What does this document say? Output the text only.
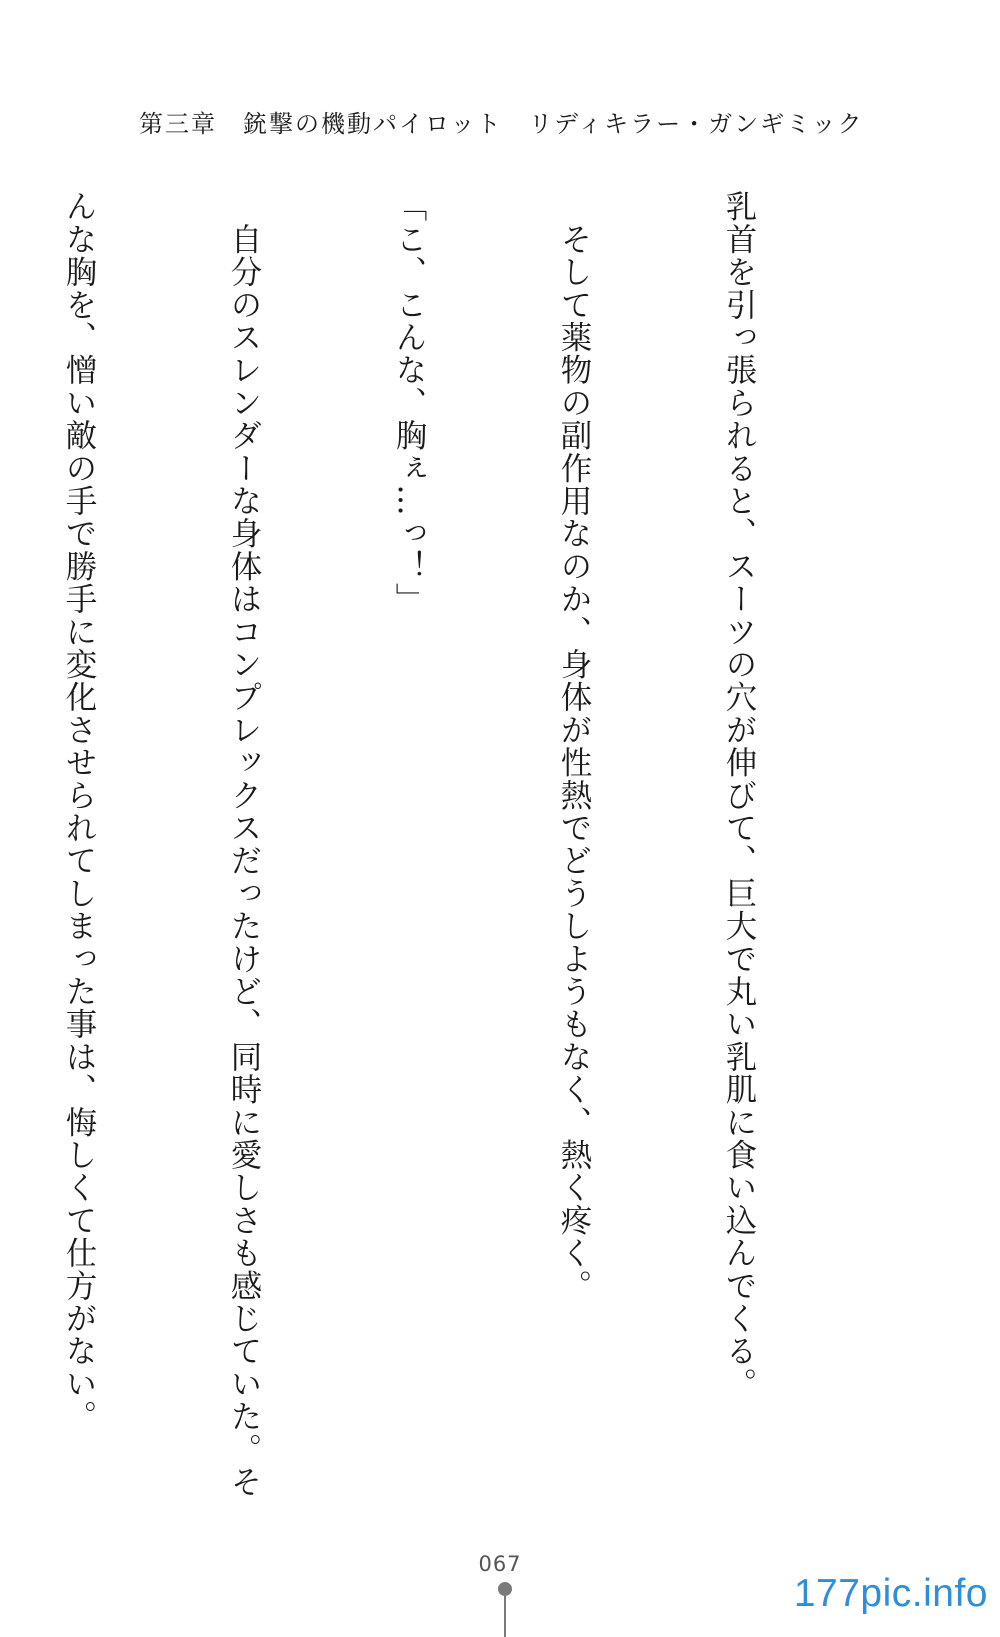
第三章　銃撃の機動パイロット　リディキラー・ガンギミック

乳首を引っ張られると、スーツの穴が伸びて、巨大で丸い乳肌に食い込んでくる。

　そして薬物の副作用なのか、身体が性熱でどうしようもなく、熱く疼く。

「こ、こんな、胸ぇ…っ！」

　自分のスレンダーな身体はコンプレックスだったけど、同時に愛しさも感じていた。そ

んな胸を、憎い敵の手で勝手に変化させられてしまった事は、悔しくて仕方がない。

067
177pic.info
